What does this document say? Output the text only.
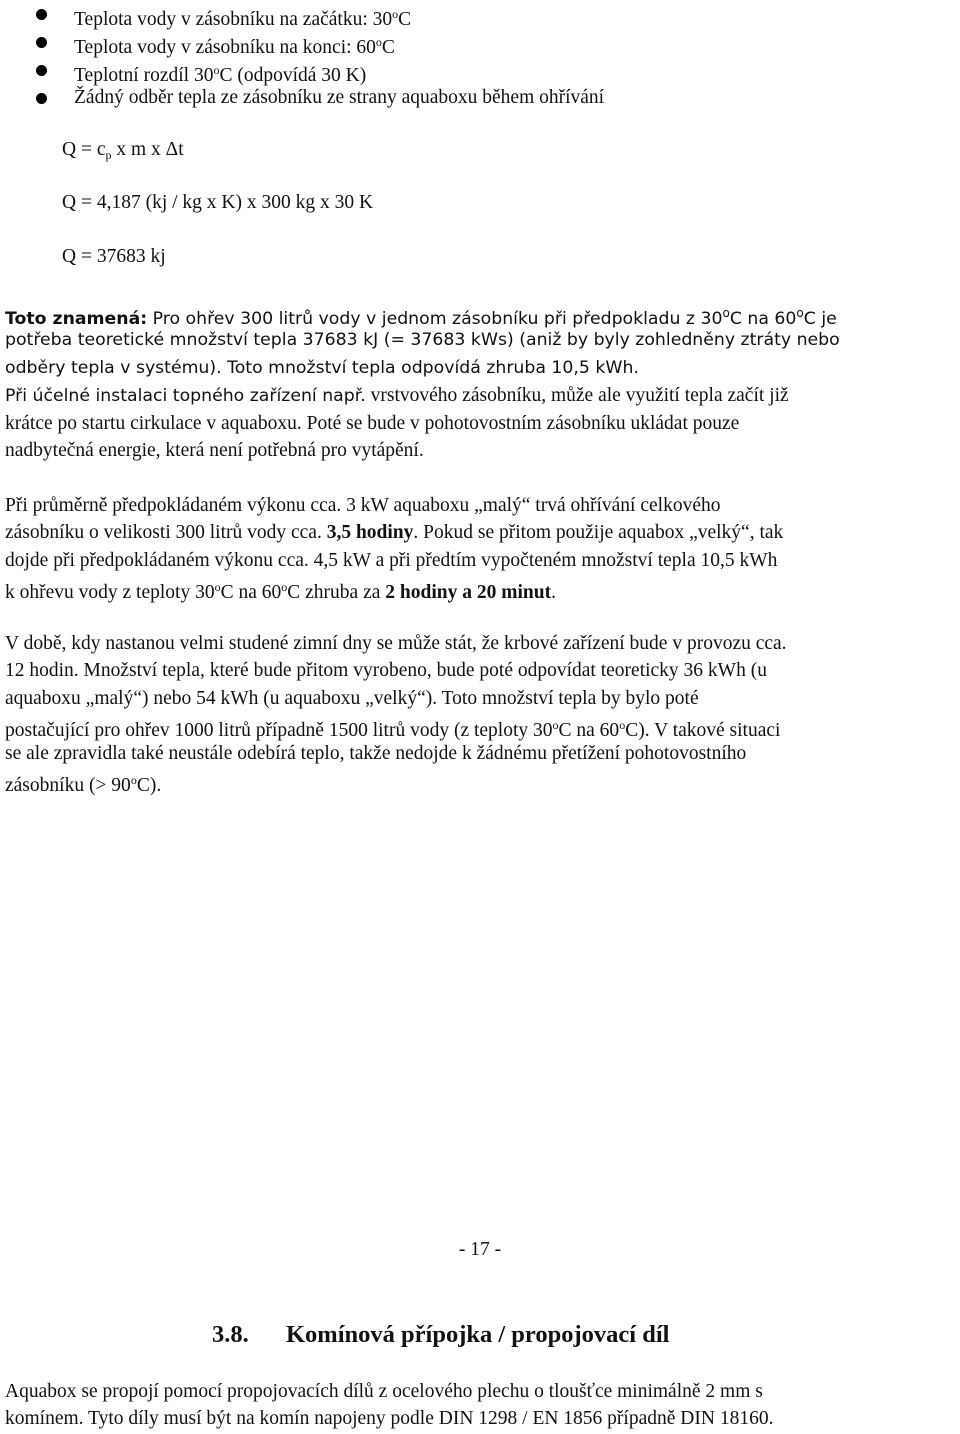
Teplota vody v zásobníku na začátku: 30$^o$C
Teplota vody v zásobníku na konci: 60$^o$C
Teplotní rozdíl 30$^o$C (odpovídá 30 K)
Žádný odběr tepla ze zásobníku ze strany aquaboxu během ohřívání
$Q = c_p$ x m x Δt
Q = 4,187 (kj / kg x K) x 300 kg x 30 K
Q = 37683 kj
Toto znamená: Pro ohřev 300 litrů vody v jednom zásobníku při předpokladu z 30$^o$C na 60$^o$C je
potřeba teoretické množství tepla 37683 kJ (= 37683 kWs) (aniž by byly zohledněny ztráty nebo
odběry tepla v systému). Toto množství tepla odpovídá zhruba 10,5 kWh.
Při účelné instalaci topného zařízení např. vrstvového zásobníku, může ale využití tepla začít již
krátce po startu cirkulace v aquaboxu. Poté se bude v pohotovostním zásobníku ukládat pouze
nadbytečná energie, která není potřebná pro vytápění.
Při průměrně předpokládaném výkonu cca. 3 kW aquaboxu „malý“ trvá ohřívání celkového
zásobníku o velikosti 300 litrů vody cca. 3,5 hodiny. Pokud se přitom použije aquabox „velký“, tak
dojde při předpokládaném výkonu cca. 4,5 kW a při předtím vypočteném množství tepla 10,5 kWh
k ohřevu vody z teploty 30$^o$C na 60$^o$C zhruba za 2 hodiny a 20 minut.
V době, kdy nastanou velmi studené zimní dny se může stát, že krbové zařízení bude v provozu cca.
12 hodin. Množství tepla, které bude přitom vyrobeno, bude poté odpovídat teoreticky 36 kWh (u
aquaboxu „malý“) nebo 54 kWh (u aquaboxu „velký“). Toto množství tepla by bylo poté
postačující pro ohřev 1000 litrů případně 1500 litrů vody (z teploty 30$^o$C na 60$^o$C). V takové situaci
se ale zpravidla také neustále odebírá teplo, takže nedojde k žádnému přetížení pohotovostního
zásobníku (> $90^oC$).
- 17 -
3.8. Komínová přípojka / propojovací díl
Aquabox se propojí pomocí propojovacích dílů z ocelového plechu o tloušťce minimálně 2 mm s
komínem. Tyto díly musí být na komín napojeny podle DIN 1298 / EN 1856 případně DIN 18160.
